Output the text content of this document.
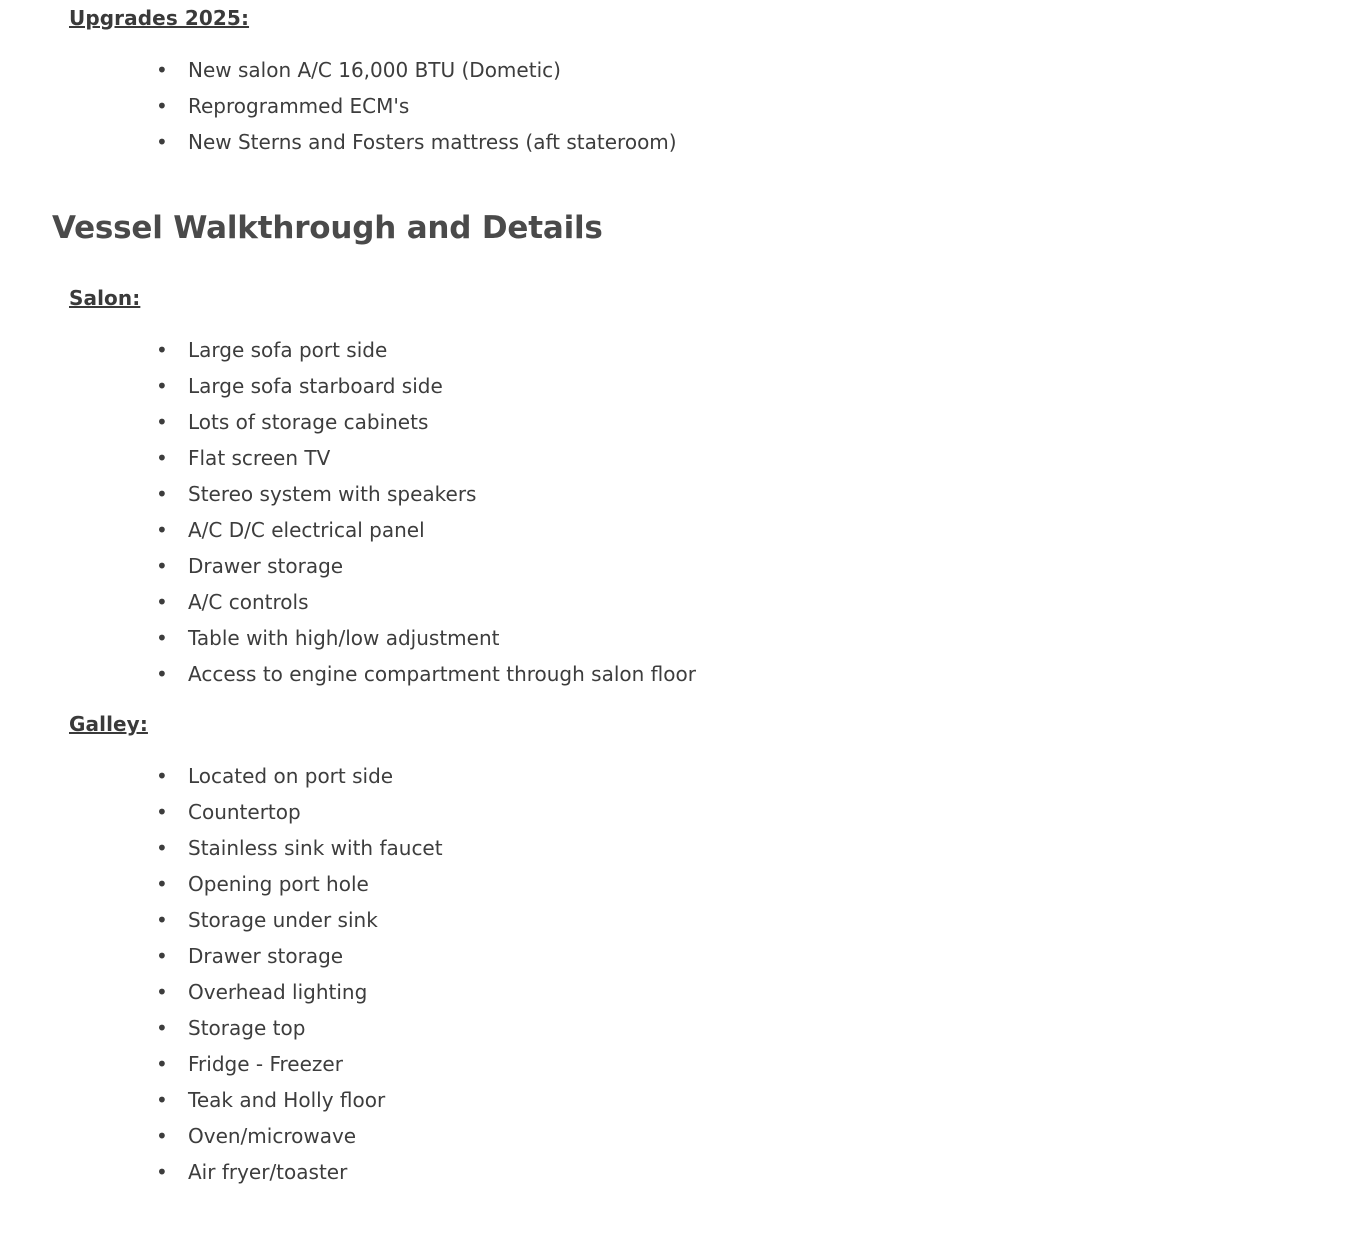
Upgrades 2025:
• New salon A/C 16,000 BTU (Dometic)
• Reprogrammed ECM's
• New Sterns and Fosters mattress (aft stateroom)
Vessel Walkthrough and Details
Salon:
• Large sofa port side
• Large sofa starboard side
• Lots of storage cabinets
• Flat screen TV
• Stereo system with speakers
• A/C D/C electrical panel
• Drawer storage
• A/C controls
• Table with high/low adjustment
• Access to engine compartment through salon floor
Galley:
• Located on port side
• Countertop
• Stainless sink with faucet
• Opening port hole
• Storage under sink
• Drawer storage
• Overhead lighting
• Storage top
• Fridge - Freezer
• Teak and Holly floor
• Oven/microwave
• Air fryer/toaster
